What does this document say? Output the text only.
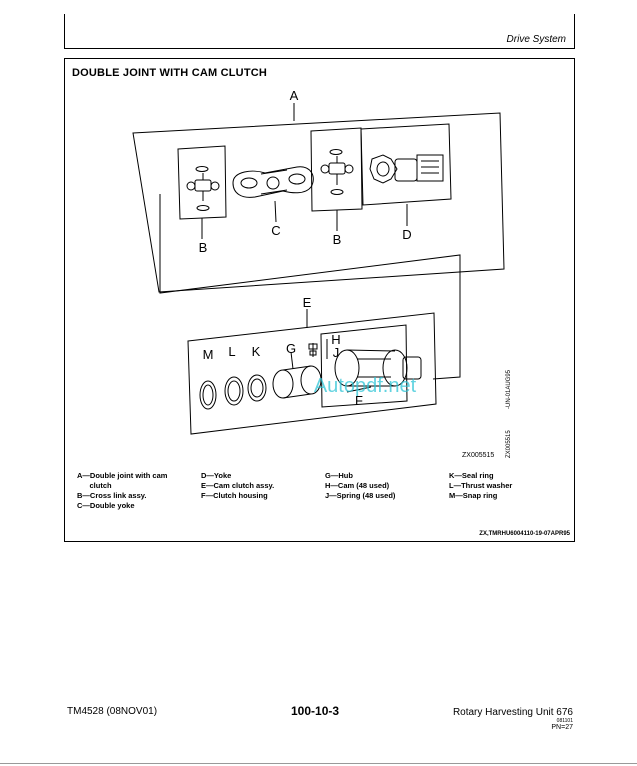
Drive System
DOUBLE JOINT WITH CAM CLUTCH
A
B
C
B	D
E
H
J
M L K G
F
Autopdf.net	-UN-01AUG95
ZX005515
ZX005515
A—Double joint with cam
clutch
B—Cross link assy.
C—Double yoke
D—Yoke
E—Cam clutch assy.
F—Clutch housing
G—Hub
H—Cam (48 used)
J—Spring (48 used)
K—Seal ring
L—Thrust washer
M—Snap ring
ZX,TMRHU6004110-19-07APR95
TM4528 (08NOV01)	100-10-3	Rotary Harvesting Unit 676
081101
PN=27
